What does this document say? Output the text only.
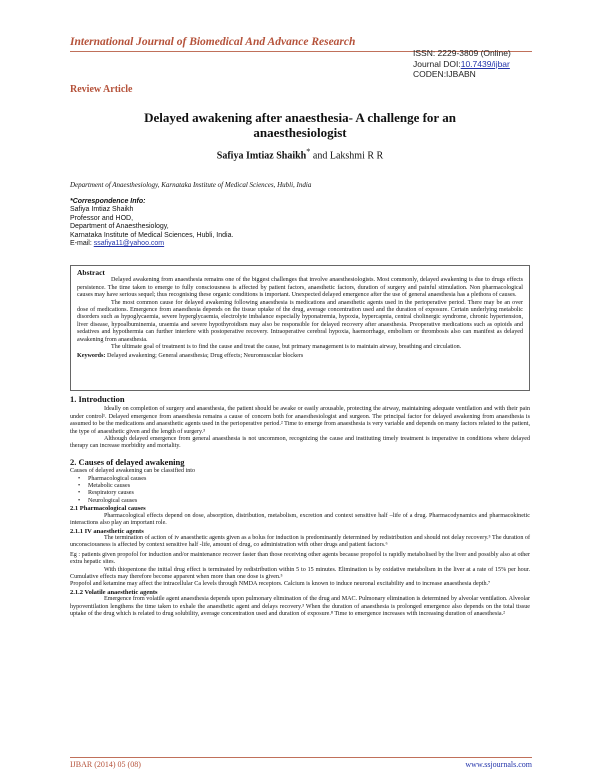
International Journal of Biomedical And Advance Research
ISSN: 2229-3809 (Online)
Journal DOI:10.7439/ijbar
CODEN:IJBABN
Review Article
Delayed awakening after anaesthesia- A challenge for an
anaesthesiologist
Safiya Imtiaz Shaikh* and Lakshmi R R
Department of Anaesthesiology, Karnataka Institute of Medical Sciences, Hubli, India
*Correspondence Info:
Safiya Imtiaz Shaikh
Professor and HOD,
Department of Anaesthesiology,
Karnataka Institute of Medical Sciences, Hubli, India.
E-mail: ssafiya11@yahoo.com
Abstract

Delayed awakening from anaesthesia remains one of the biggest challenges that involve anaesthesiologists. Most commonly, delayed awakening is due to drugs effects persistence. The time taken to emerge to fully consciousness is affected by patient factors, anaesthetic factors, duration of surgery and painful stimulation. Non pharmacological causes may have serious sequel; thus recognising these organic conditions is important. Unexpected delayed emergence after the use of general anaesthesia has a plethora of causes.

The most common cause for delayed awakening following anaesthesia is medications and anaesthetic agents used in the perioperative period. There may be an over dose of medications. Emergence from anaesthesia depends on the tissue uptake of the drug, average concentration used and the duration of exposure. Certain underlying metabolic disorders such as hypoglycaemia, severe hyperglycaemia, electrolyte imbalance especially hyponatremia, hypoxia, hypercapnia, central cholinergic syndrome, chronic hypertension, liver disease, hypoalbuminemia, uraemia and severe hypothyroidism may also be responsible for delayed recovery after anaesthesia. Preoperative medications such as opioids and sedatives and hypothermia can further interfere with postoperative recovery. Intraoperative cerebral hypoxia, haemorrhage, embolism or thrombosis also can manifest as delayed awakening from anaesthesia.

The ultimate goal of treatment is to find the cause and treat the cause, but primary management is to maintain airway, breathing and circulation.

Keywords: Delayed awakening; General anaesthesia; Drug effects; Neuromuscular blockers
1. Introduction

Ideally on completion of surgery and anaesthesia, the patient should be awake or easily arousable, protecting the airway, maintaining adequate ventilation and with their pain under control¹. Delayed emergence from anaesthesia remains a cause of concern both for anaesthesiologist and surgeon. The principal factor for delayed awakening from anaesthesia is assumed to be the medications and anaesthetic agents used in the perioperative period.² Time to emerge from anaesthesia is very variable and depends on many factors related to the patient, the type of anaesthetic given and the length of surgery.³

Although delayed emergence from general anaesthesia is not uncommon, recognizing the cause and instituting timely treatment is imperative in conditions where delayed therapy can increase morbidity and mortality.

2. Causes of delayed awakening
Causes of delayed awakening can be classified into
• Pharmacological causes
• Metabolic causes
• Respiratory causes
• Neurological causes
2.1 Pharmacological causes

Pharmacological effects depend on dose, absorption, distribution, metabolism, excretion and context sensitive half –life of a drug. Pharmacodynamics and pharmacokinetic interactions also play an important role.

2.1.1 IV anaesthetic agents

The termination of action of iv anaesthetic agents given as a bolus for induction is predominantly determined by redistribution and should not delay recovery.⁵ The duration of unconsciousness is affected by context sensitive half -life, amount of drug, co administration with other drugs and patient factors.⁶

Eg : patients given propofol for induction and/or maintenance recover faster than those receiving other agents because propofol is rapidly metabolised by the liver and possibly also at other extra hepatic sites.

With thiopentone the initial drug effect is terminated by redistribution within 5 to 15 minutes. Elimination is by oxidative metabolism in the liver at a rate of 15% per hour. Cumulative effects may therefore become apparent when more than one dose is given.⁵

Propofol and ketamine may affect the intracellular Ca levels through NMDA receptors. Calcium is known to induce neuronal excitability and to increase anaesthesia depth.⁷
2.1.2 Volatile anaesthetic agents

Emergence from volatile agent anaesthesia depends upon pulmonary elimination of the drug and MAC. Pulmonary elimination is determined by alveolar ventilation. Alveolar hypoventilation lengthens the time taken to exhale the anaesthetic agent and delays recovery.³ When the duration of anaesthesia is prolonged emergence also depends on the total tissue uptake of the drug which is related to drug solubility, average concentration used and duration of exposure.⁸ Time to emergence increases with increasing duration of anaesthesia.²

IJBAR (2014) 05 (08)	www.ssjournals.com
